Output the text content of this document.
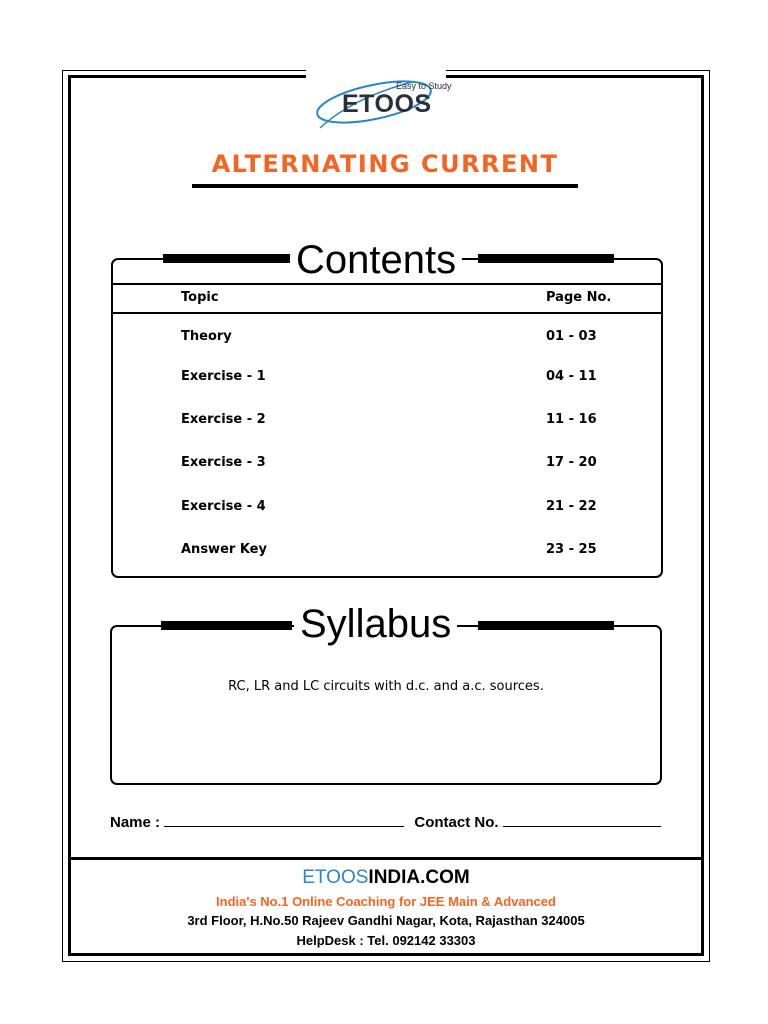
Easy to Study
ETOOS
ALTERNATING CURRENT
Contents
Topic	Page No.
Theory	01 - 03
Exercise - 1	04 - 11
Exercise - 2	11 - 16
Exercise - 3	17 - 20
Exercise - 4	21 - 22
Answer Key	23 - 25
Syllabus
RC, LR and LC circuits with d.c. and a.c. sources.
Name :	Contact No.
ETOOSINDIA.COM
India's No.1 Online Coaching for JEE Main & Advanced
3rd Floor, H.No.50 Rajeev Gandhi Nagar, Kota, Rajasthan 324005
HelpDesk : Tel. 092142 33303
